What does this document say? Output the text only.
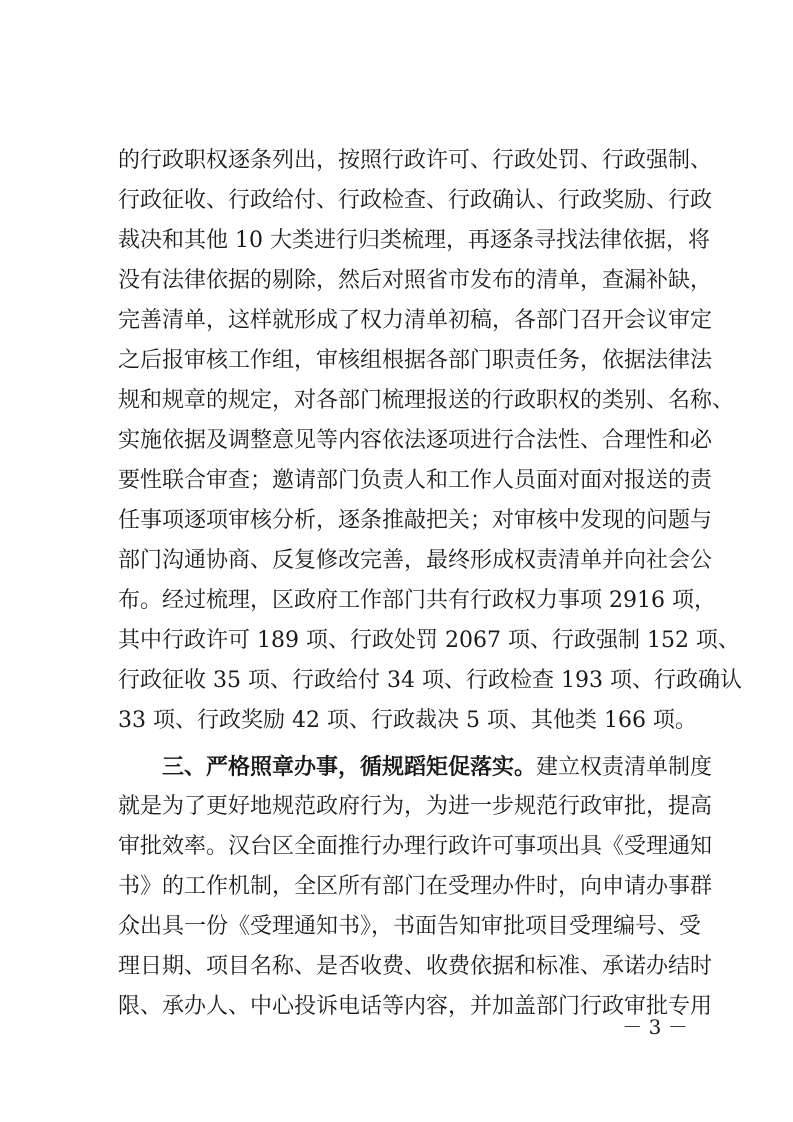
的行政职权逐条列出，按照行政许可、行政处罚、行政强制、
行政征收、行政给付、行政检查、行政确认、行政奖励、行政
裁决和其他 10 大类进行归类梳理，再逐条寻找法律依据，将
没有法律依据的剔除，然后对照省市发布的清单，查漏补缺，
完善清单，这样就形成了权力清单初稿，各部门召开会议审定
之后报审核工作组，审核组根据各部门职责任务，依据法律法
规和规章的规定，对各部门梳理报送的行政职权的类别、名称、
实施依据及调整意见等内容依法逐项进行合法性、合理性和必
要性联合审查；邀请部门负责人和工作人员面对面对报送的责
任事项逐项审核分析，逐条推敲把关；对审核中发现的问题与
部门沟通协商、反复修改完善，最终形成权责清单并向社会公
布。经过梳理，区政府工作部门共有行政权力事项 2916 项，
其中行政许可 189 项、行政处罚 2067 项、行政强制 152 项、
行政征收 35 项、行政给付 34 项、行政检查 193 项、行政确认
33 项、行政奖励 42 项、行政裁决 5 项、其他类 166 项。
三、严格照章办事，循规蹈矩促落实。建立权责清单制度
就是为了更好地规范政府行为，为进一步规范行政审批，提高
审批效率。汉台区全面推行办理行政许可事项出具《受理通知
书》的工作机制，全区所有部门在受理办件时，向申请办事群
众出具一份《受理通知书》，书面告知审批项目受理编号、受
理日期、项目名称、是否收费、收费依据和标准、承诺办结时
限、承办人、中心投诉电话等内容，并加盖部门行政审批专用
－ 3 －
